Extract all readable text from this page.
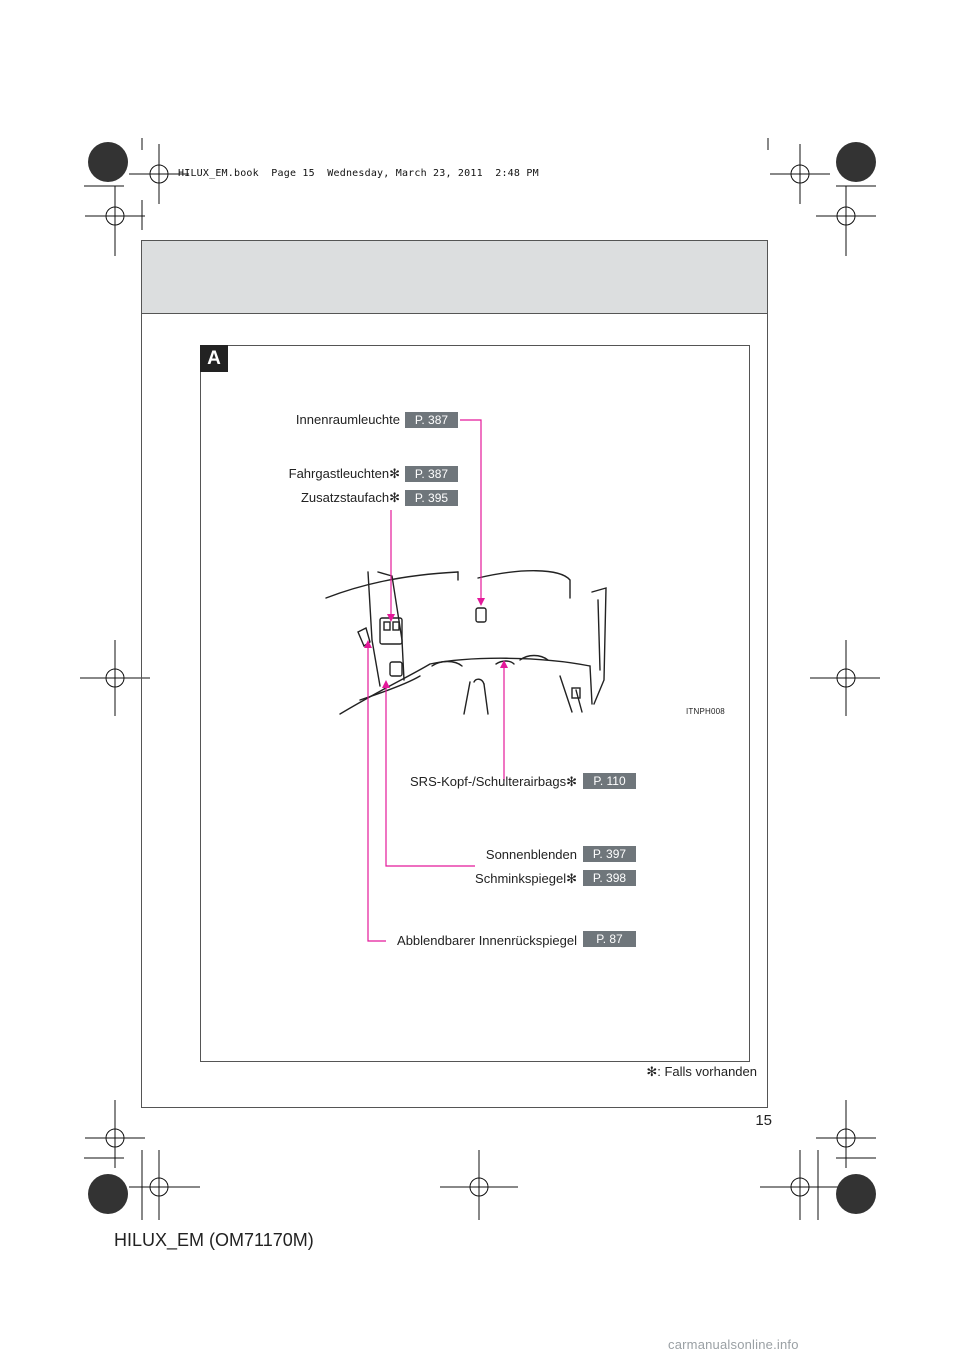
HILUX_EM.book  Page 15  Wednesday, March 23, 2011  2:48 PM
A
Innenraumleuchte	P. 387
Fahrgastleuchten✻	P. 387
Zusatzstaufach✻	P. 395
ITNPH008
SRS-Kopf-/Schulterairbags✻	P. 110
Sonnenblenden	P. 397
Schminkspiegel✻	P. 398
Abblendbarer Innenrückspiegel	P. 87
✻: Falls vorhanden
15
HILUX_EM (OM71170M)
carmanualsonline.info
